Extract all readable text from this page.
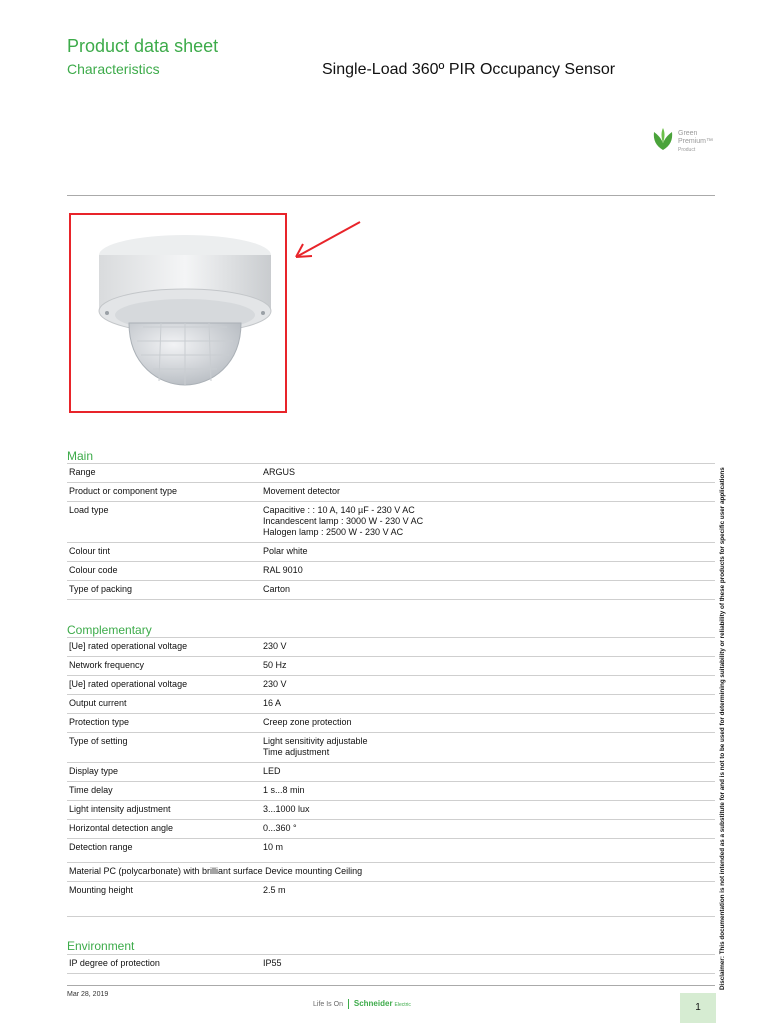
Product data sheet
Characteristics	Single-Load 360º PIR Occupancy Sensor
Green
Premium™
Product
Main
Range	ARGUS
Product or component type	Movement detector
Load type	Capacitive : : 10 A, 140 µF - 230 V AC
Incandescent lamp : 3000 W - 230 V AC
Halogen lamp : 2500 W - 230 V AC

Colour tint	Polar white
Colour code	RAL 9010
Type of packing	Carton
Complementary
[Ue] rated operational voltage	230 V
Network frequency	50 Hz
[Ue] rated operational voltage	230 V
Output current	16 A
Protection type	Creep zone protection
Type of setting	Light sensitivity adjustable
Time adjustment

Display type	LED
Time delay	1 s...8 min
Light intensity adjustment	3...1000 lux
Horizontal detection angle	0...360 °
Detection range	10 m
Material PC (polycarbonate) with brilliant surface Device mounting Ceiling	
Mounting height	2.5 m
Environment
IP degree of protection	IP55	Disclaimer: This documentation is not intended as a substitute for and is not to be used for determining suitability or reliability of these products for specific user applications
Mar 28, 2019
Life Is On Schneider Electric	1
